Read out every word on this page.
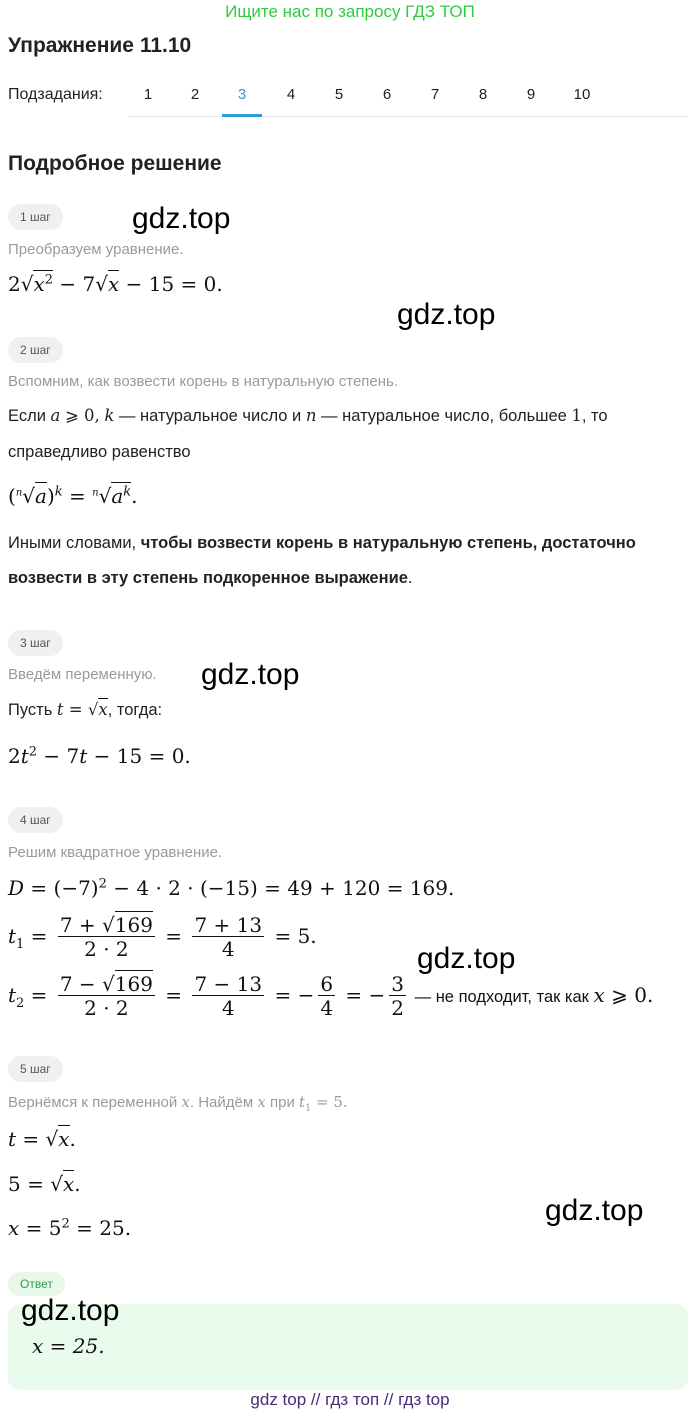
Ищите нас по запросу ГДЗ ТОП
Упражнение 11.10
Подзадания:	1	2	3	4	5	6	7	8	9	10
Подробное решение
1 шаг
Преобразуем уравнение.
$2√x^2 - 7√x - 15 = 0$.
2 шаг
Вспомним, как возвести корень в натуральную степень.
Если a ⩾ 0, k — натуральное число и n — натуральное число, большее 1, то
справедливо равенство
$(^n√a)^k = ^n√a^k$.
Иными словами, чтобы возвести корень в натуральную степень, достаточно
возвести в эту степень подкоренное выражение.
3 шаг
Введём переменную.
Пусть t = √x, тогда:
$2t^2 - 7t - 15 = 0$.
4 шаг
Решим квадратное уравнение.
$D = (-7)^2 - 4 \cdot 2 \cdot (-15) = 49 + 120 = 169$.
$t_1 = \frac{7 + √169}{2 \cdot 2} = \frac{7 + 13}{4} = 5$.
$t_2 = \frac{7 - √169}{2 \cdot 2} = \frac{7 - 13}{4}$ = − $\frac{6}{4}$ = − $\frac{3}{2}$ — не подходит, так как x ⩾ 0.
5 шаг
Вернёмся к переменной x. Найдём x при $t_1 = 5$.
t = √x.
5 = √x.
$x = 5^2 = 25$.
Ответ
x = 25.
gdz.top
gdz.top
gdz.top
gdz.top
gdz.top
gdz.top
gdz top // гдз топ // гдз top
